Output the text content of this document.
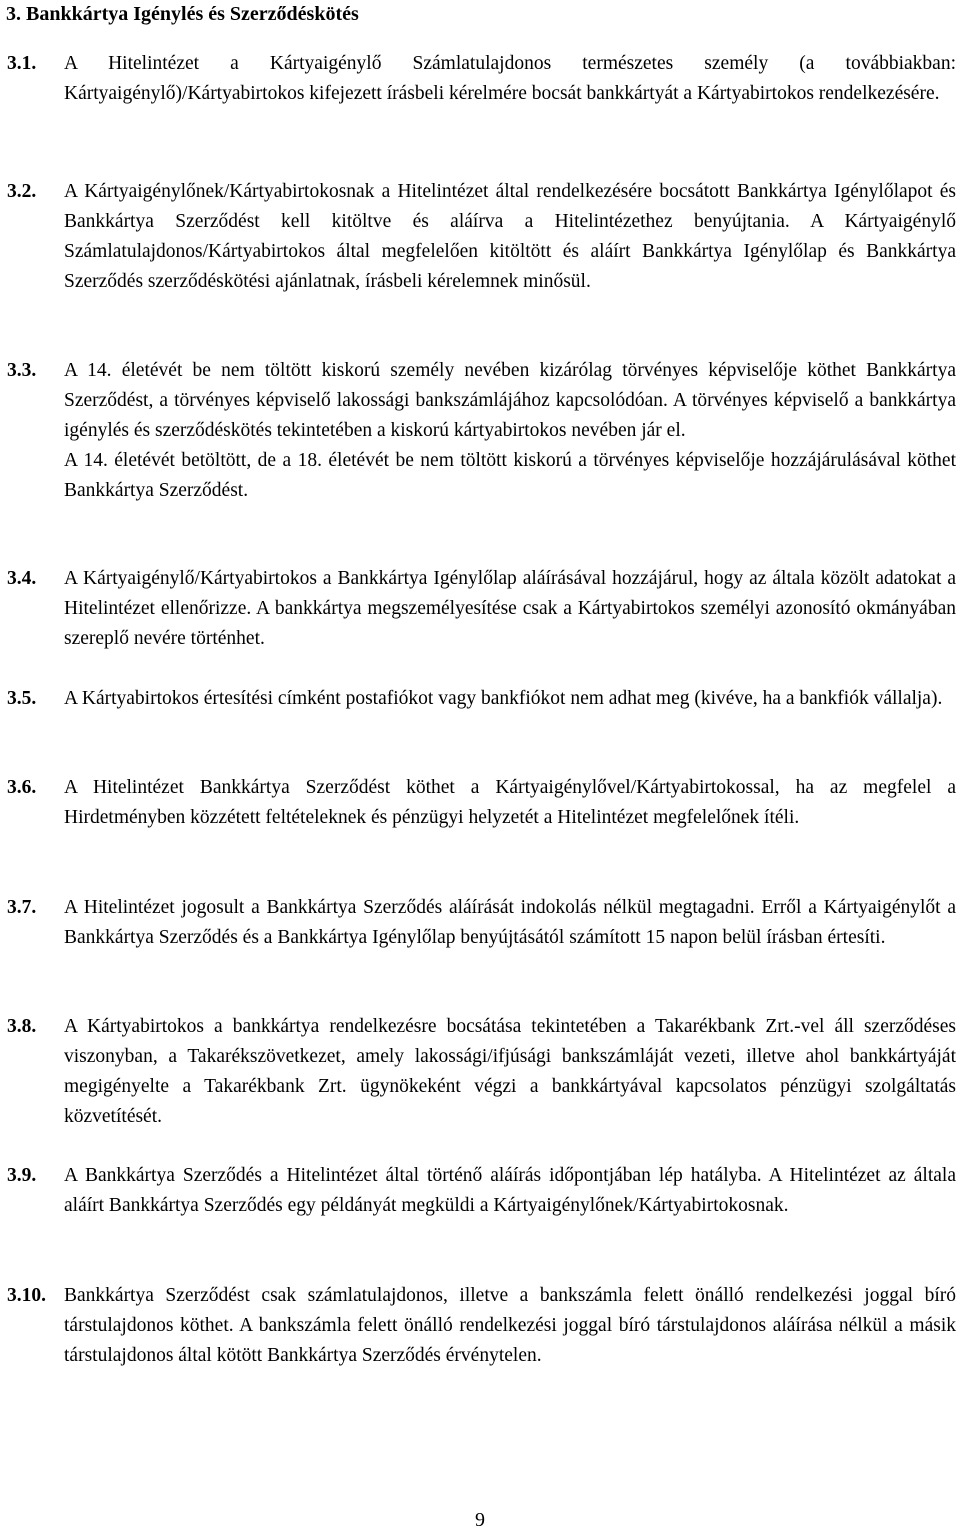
3. Bankkártya Igénylés és Szerződéskötés
3.1.	A Hitelintézet a Kártyaigénylő Számlatulajdonos természetes személy (a továbbiakban: Kártyaigénylő)/Kártyabirtokos kifejezett írásbeli kérelmére bocsát bankkártyát a Kártyabirtokos rendelkezésére.

3.2.	A Kártyaigénylőnek/Kártyabirtokosnak a Hitelintézet által rendelkezésére bocsátott Bankkártya Igénylőlapot és Bankkártya Szerződést kell kitöltve és aláírva a Hitelintézethez benyújtania. A Kártyaigénylő Számlatulajdonos/Kártyabirtokos által megfelelően kitöltött és aláírt Bankkártya Igénylőlap és Bankkártya Szerződés szerződéskötési ajánlatnak, írásbeli kérelemnek minősül.

3.3.	A 14. életévét be nem töltött kiskorú személy nevében kizárólag törvényes képviselője köthet Bankkártya Szerződést, a törvényes képviselő lakossági bankszámlájához kapcsolódóan. A törvényes képviselő a bankkártya igénylés és szerződéskötés tekintetében a kiskorú kártyabirtokos nevében jár el.

A 14. életévét betöltött, de a 18. életévét be nem töltött kiskorú a törvényes képviselője hozzájárulásával köthet Bankkártya Szerződést.

3.4.	A Kártyaigénylő/Kártyabirtokos a Bankkártya Igénylőlap aláírásával hozzájárul, hogy az általa közölt adatokat a Hitelintézet ellenőrizze. A bankkártya megszemélyesítése csak a Kártyabirtokos személyi azonosító okmányában szereplő nevére történhet.

3.5.	A Kártyabirtokos értesítési címként postafiókot vagy bankfiókot nem adhat meg (kivéve, ha a bankfiók vállalja).

3.6.	A Hitelintézet Bankkártya Szerződést köthet a Kártyaigénylővel/Kártyabirtokossal, ha az megfelel a Hirdetményben közzétett feltételeknek és pénzügyi helyzetét a Hitelintézet megfelelőnek ítéli.

3.7.	A Hitelintézet jogosult a Bankkártya Szerződés aláírását indokolás nélkül megtagadni. Erről a Kártyaigénylőt a Bankkártya Szerződés és a Bankkártya Igénylőlap benyújtásától számított 15 napon belül írásban értesíti.

3.8.	A Kártyabirtokos a bankkártya rendelkezésre bocsátása tekintetében a Takarékbank Zrt.-vel áll szerződéses viszonyban, a Takarékszövetkezet, amely lakossági/ifjúsági bankszámláját vezeti, illetve ahol bankkártyáját megigényelte a Takarékbank Zrt. ügynökeként végzi a bankkártyával kapcsolatos pénzügyi szolgáltatás közvetítését.

3.9.	A Bankkártya Szerződés a Hitelintézet által történő aláírás időpontjában lép hatályba. A Hitelintézet az általa aláírt Bankkártya Szerződés egy példányát megküldi a Kártyaigénylőnek/Kártyabirtokosnak.

3.10. Bankkártya Szerződést csak számlatulajdonos, illetve a bankszámla felett önálló rendelkezési joggal bíró társtulajdonos köthet. A bankszámla felett önálló rendelkezési joggal bíró társtulajdonos aláírása nélkül a másik társtulajdonos által kötött Bankkártya Szerződés érvénytelen.

9
